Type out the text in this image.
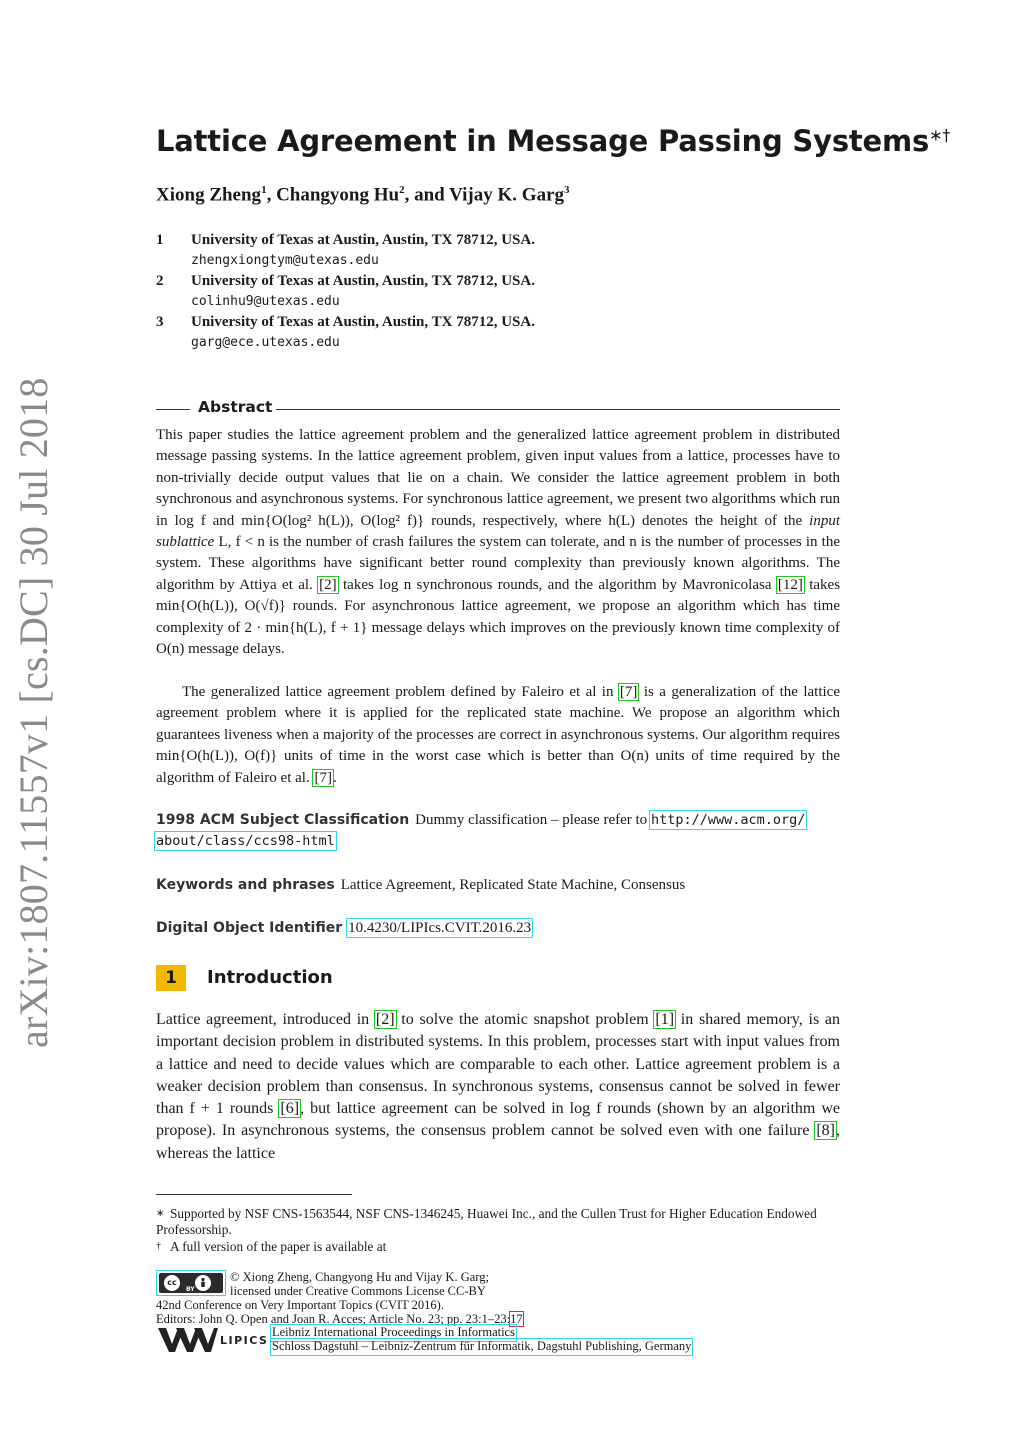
arXiv:1807.11557v1 [cs.DC] 30 Jul 2018
Lattice Agreement in Message Passing Systems∗†
Xiong Zheng$^1$, Changyong Hu$^2$, and Vijay K. Garg$^3$
1 University of Texas at Austin, Austin, TX 78712, USA.
zhengxiongtym@utexas.edu
2 University of Texas at Austin, Austin, TX 78712, USA.
colinhu9@utexas.edu
3 University of Texas at Austin, Austin, TX 78712, USA.
garg@ece.utexas.edu
Abstract
This paper studies the lattice agreement problem and the generalized lattice agreement problem in distributed message passing systems. In the lattice agreement problem, given input values from a lattice, processes have to non-trivially decide output values that lie on a chain. We consider the lattice agreement problem in both synchronous and asynchronous systems. For synchronous lattice agreement, we present two algorithms which run in log f and min{O(log² h(L)), O(log² f)} rounds, respectively, where h(L) denotes the height of the input sublattice L, f < n is the number of crash failures the system can tolerate, and n is the number of processes in the system. These algorithms have significant better round complexity than previously known algorithms. The algorithm by Attiya et al. [2] takes log n synchronous rounds, and the algorithm by Mavronicolasa [12] takes min{O(h(L)), O(√f)} rounds. For asynchronous lattice agreement, we propose an algorithm which has time complexity of 2 · min{h(L), f + 1} message delays which improves on the previously known time complexity of O(n) message delays.
The generalized lattice agreement problem defined by Faleiro et al in [7] is a generalization of the lattice agreement problem where it is applied for the replicated state machine. We propose an algorithm which guarantees liveness when a majority of the processes are correct in asynchronous systems. Our algorithm requires min{O(h(L)), O(f)} units of time in the worst case which is better than O(n) units of time required by the algorithm of Faleiro et al. [7].
1998 ACM Subject Classification Dummy classification – please refer to http://www.acm.org/
about/class/ccs98-html
Keywords and phrases Lattice Agreement, Replicated State Machine, Consensus
Digital Object Identifier 10.4230/LIPIcs.CVIT.2016.23
1	Introduction
Lattice agreement, introduced in [2] to solve the atomic snapshot problem [1] in shared memory, is an important decision problem in distributed systems. In this problem, processes start with input values from a lattice and need to decide values which are comparable to each other. Lattice agreement problem is a weaker decision problem than consensus. In synchronous systems, consensus cannot be solved in fewer than f + 1 rounds [6], but lattice agreement can be solved in log f rounds (shown by an algorithm we propose). In asynchronous systems, the consensus problem cannot be solved even with one failure [8], whereas the lattice
∗ Supported by NSF CNS-1563544, NSF CNS-1346245, Huawei Inc., and the Cullen Trust for Higher Education Endowed Professorship.
† A full version of the paper is available at
cc
BY
© Xiong Zheng, Changyong Hu and Vijay K. Garg;
licensed under Creative Commons License CC-BY
42nd Conference on Very Important Topics (CVIT 2016).
Editors: John Q. Open and Joan R. Acces; Article No. 23; pp. 23:1–23:17
LIPICS
Leibniz International Proceedings in Informatics
Schloss Dagstuhl – Leibniz-Zentrum für Informatik, Dagstuhl Publishing, Germany
